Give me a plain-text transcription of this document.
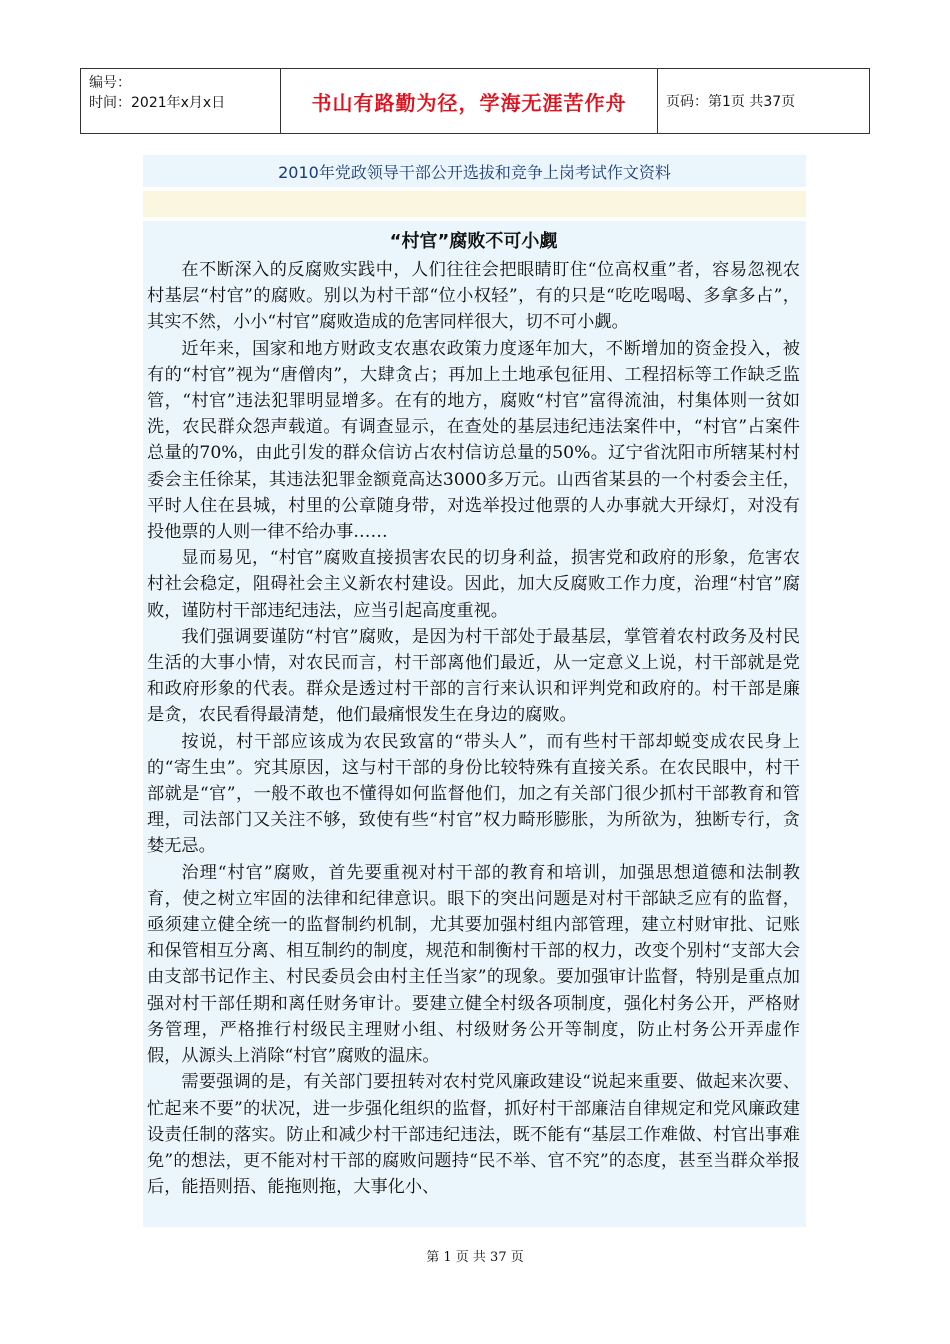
编号：
时间：2021年x月x日	书山有路勤为径，学海无涯苦作舟	页码：第1页 共37页
2010年党政领导干部公开选拔和竞争上岗考试作文资料
“村官”腐败不可小觑

在不断深入的反腐败实践中，人们往往会把眼睛盯住“位高权重”者，容易忽视农村基层“村官”的腐败。别以为村干部“位小权轻”，有的只是“吃吃喝喝、多拿多占”，其实不然，小小“村官”腐败造成的危害同样很大，切不可小觑。

近年来，国家和地方财政支农惠农政策力度逐年加大，不断增加的资金投入，被有的“村官”视为“唐僧肉”，大肆贪占；再加上土地承包征用、工程招标等工作缺乏监管，“村官”违法犯罪明显增多。在有的地方，腐败“村官”富得流油，村集体则一贫如洗，农民群众怨声载道。有调查显示，在查处的基层违纪违法案件中，“村官”占案件总量的70%，由此引发的群众信访占农村信访总量的50%。辽宁省沈阳市所辖某村村委会主任徐某，其违法犯罪金额竟高达3000多万元。山西省某县的一个村委会主任，平时人住在县城，村里的公章随身带，对选举投过他票的人办事就大开绿灯，对没有投他票的人则一律不给办事……

显而易见，“村官”腐败直接损害农民的切身利益，损害党和政府的形象，危害农村社会稳定，阻碍社会主义新农村建设。因此，加大反腐败工作力度，治理“村官”腐败，谨防村干部违纪违法，应当引起高度重视。

我们强调要谨防“村官”腐败，是因为村干部处于最基层，掌管着农村政务及村民生活的大事小情，对农民而言，村干部离他们最近，从一定意义上说，村干部就是党和政府形象的代表。群众是透过村干部的言行来认识和评判党和政府的。村干部是廉是贪，农民看得最清楚，他们最痛恨发生在身边的腐败。

按说，村干部应该成为农民致富的“带头人”，而有些村干部却蜕变成农民身上的“寄生虫”。究其原因，这与村干部的身份比较特殊有直接关系。在农民眼中，村干部就是“官”，一般不敢也不懂得如何监督他们，加之有关部门很少抓村干部教育和管理，司法部门又关注不够，致使有些“村官”权力畸形膨胀，为所欲为，独断专行，贪婪无忌。

治理“村官”腐败，首先要重视对村干部的教育和培训，加强思想道德和法制教育，使之树立牢固的法律和纪律意识。眼下的突出问题是对村干部缺乏应有的监督，亟须建立健全统一的监督制约机制，尤其要加强村组内部管理，建立村财审批、记账和保管相互分离、相互制约的制度，规范和制衡村干部的权力，改变个别村“支部大会由支部书记作主、村民委员会由村主任当家”的现象。要加强审计监督，特别是重点加强对村干部任期和离任财务审计。要建立健全村级各项制度，强化村务公开，严格财务管理，严格推行村级民主理财小组、村级财务公开等制度，防止村务公开弄虚作假，从源头上消除“村官”腐败的温床。

需要强调的是，有关部门要扭转对农村党风廉政建设“说起来重要、做起来次要、忙起来不要”的状况，进一步强化组织的监督，抓好村干部廉洁自律规定和党风廉政建设责任制的落实。防止和减少村干部违纪违法，既不能有“基层工作难做、村官出事难免”的想法，更不能对村干部的腐败问题持“民不举、官不究”的态度，甚至当群众举报后，能捂则捂、能拖则拖，大事化小、

第 1 页 共 37 页
